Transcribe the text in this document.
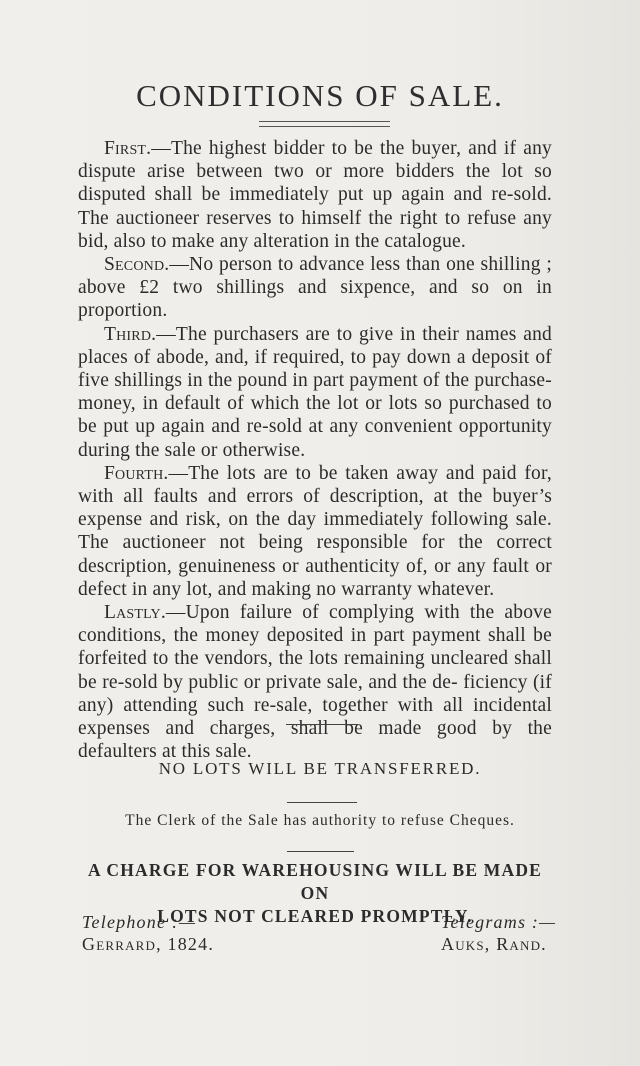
CONDITIONS OF SALE.

First.—The highest bidder to be the buyer, and if any dispute arise between two or more bidders the lot so disputed shall be immediately put up again and re-sold. The auctioneer reserves to himself the right to refuse any bid, also to make any alteration in the catalogue.

Second.—No person to advance less than one shilling ; above £2 two shillings and sixpence, and so on in proportion.

Third.—The purchasers are to give in their names and places of abode, and, if required, to pay down a deposit of five shillings in the pound in part payment of the purchase-money, in default of which the lot or lots so purchased to be put up again and re-sold at any convenient opportunity during the sale or otherwise.

Fourth.—The lots are to be taken away and paid for, with all faults and errors of description, at the buyer’s expense and risk, on the day immediately following sale. The auctioneer not being responsible for the correct description, genuineness or authenticity of, or any fault or defect in any lot, and making no warranty whatever.

Lastly.—Upon failure of complying with the above conditions, the money deposited in part payment shall be forfeited to the vendors, the lots remaining uncleared shall be re-sold by public or private sale, and the de- ficiency (if any) attending such re-sale, together with all incidental expenses and charges, shall be made good by the defaulters at this sale.

NO LOTS WILL BE TRANSFERRED.
The Clerk of the Sale has authority to refuse Cheques.
A CHARGE FOR WAREHOUSING WILL BE MADE ON
LOTS NOT CLEARED PROMPTLY.
Telephone :—
Gerrard, 1824.
Telegrams :—
Auks, Rand.
